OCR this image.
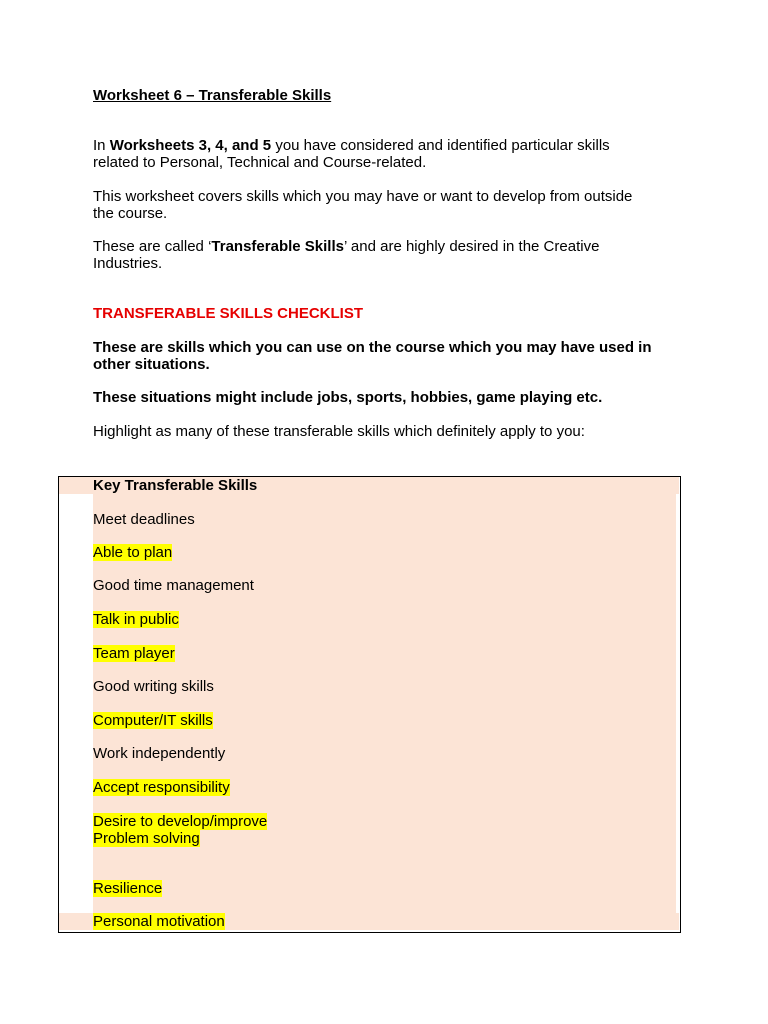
Worksheet 6 – Transferable Skills
In Worksheets 3, 4, and 5 you have considered and identified particular skills
related to Personal, Technical and Course-related.
This worksheet covers skills which you may have or want to develop from outside
the course.
These are called ‘Transferable Skills’ and are highly desired in the Creative
Industries.
TRANSFERABLE SKILLS CHECKLIST
These are skills which you can use on the course which you may have used in
other situations.
These situations might include jobs, sports, hobbies, game playing etc.
Highlight as many of these transferable skills which definitely apply to you:
Key Transferable Skills
Meet deadlines
Able to plan
Good time management
Talk in public
Team player
Good writing skills
Computer/IT skills
Work independently
Accept responsibility
Desire to develop/improve
Problem solving
Resilience
Personal motivation
